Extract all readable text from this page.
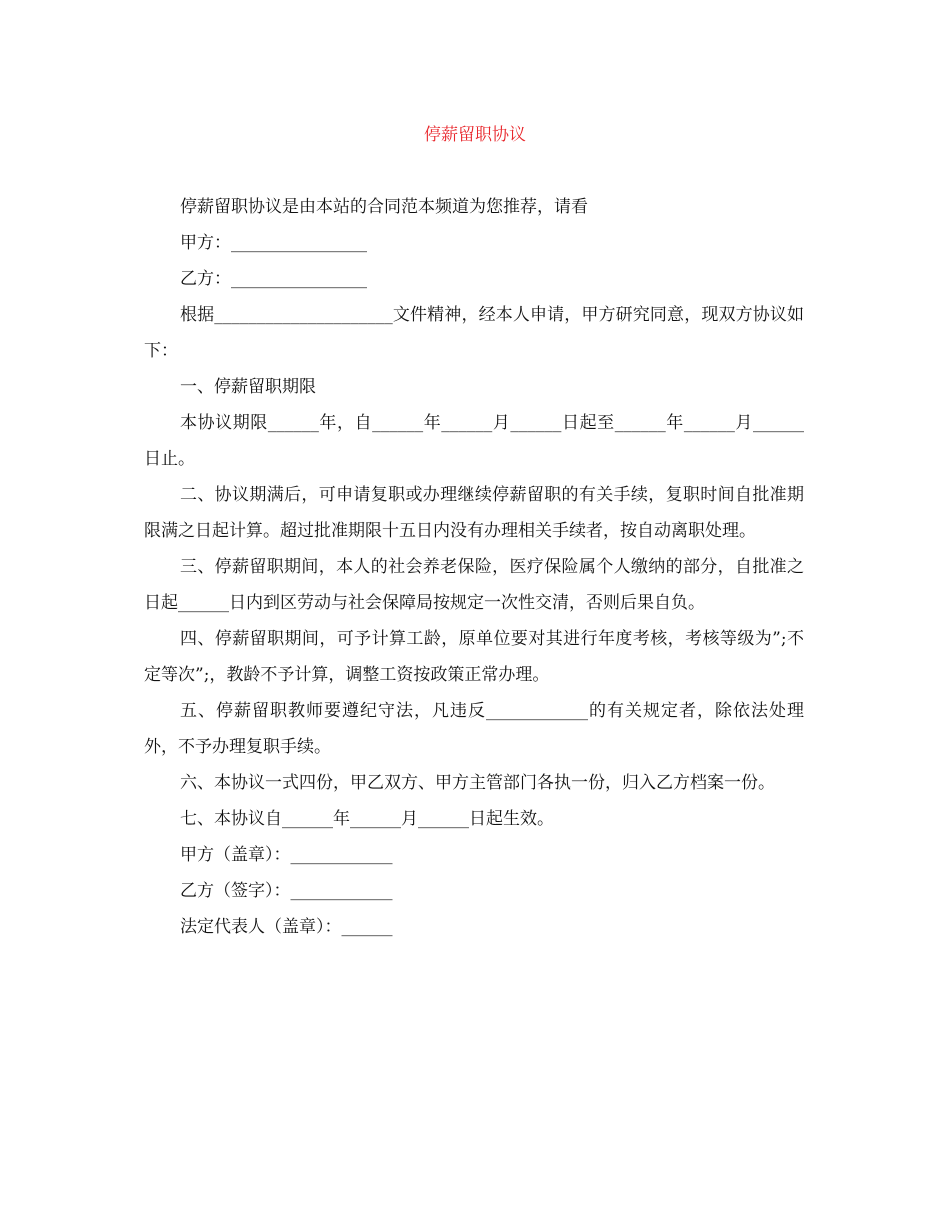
停薪留职协议

停薪留职协议是由本站的合同范本频道为您推荐，请看

甲方：________________

乙方：________________

根据_____________________文件精神，经本人申请，甲方研究同意，现双方协议如下：

一、停薪留职期限

本协议期限______年，自______年______月______日起至______年______月______日止。

二、协议期满后，可申请复职或办理继续停薪留职的有关手续，复职时间自批准期限满之日起计算。超过批准期限十五日内没有办理相关手续者，按自动离职处理。

三、停薪留职期间，本人的社会养老保险，医疗保险属个人缴纳的部分，自批准之日起______日内到区劳动与社会保障局按规定一次性交清，否则后果自负。

四、停薪留职期间，可予计算工龄，原单位要对其进行年度考核，考核等级为”;不定等次”;，教龄不予计算，调整工资按政策正常办理。

五、停薪留职教师要遵纪守法，凡违反____________的有关规定者，除依法处理外，不予办理复职手续。

六、本协议一式四份，甲乙双方、甲方主管部门各执一份，归入乙方档案一份。

七、本协议自______年______月______日起生效。

甲方（盖章）：____________

乙方（签字）：____________

法定代表人（盖章）：______
